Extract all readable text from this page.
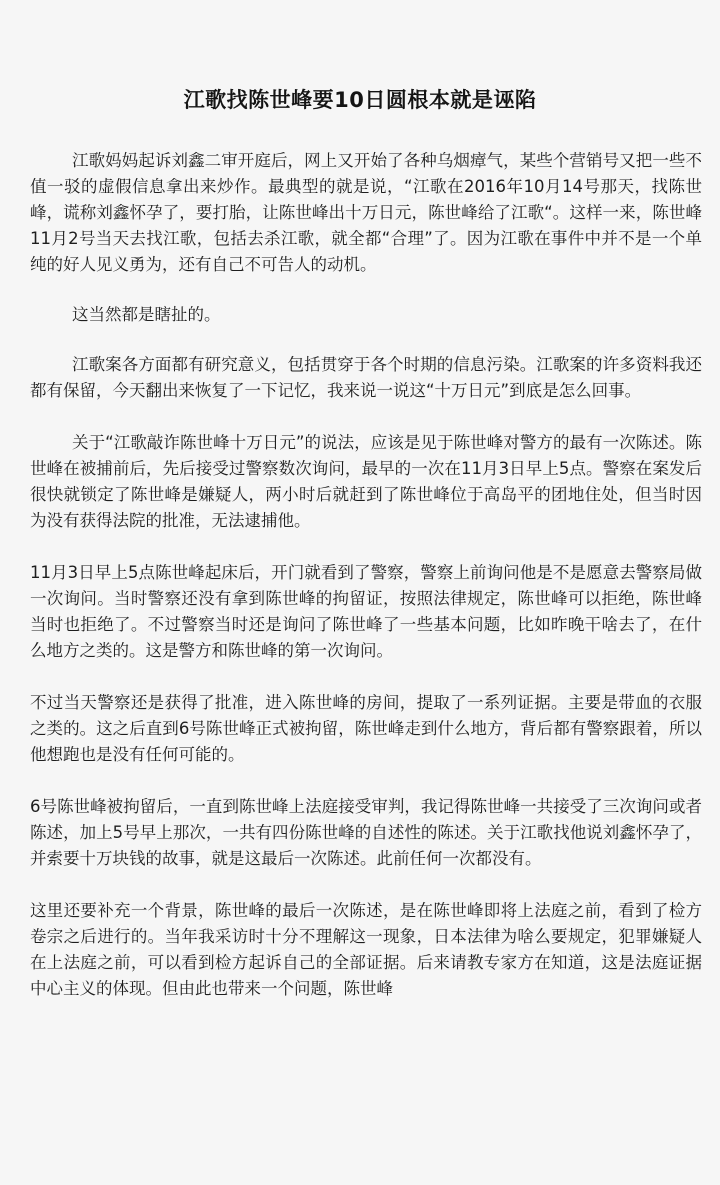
江歌找陈世峰要10日圆根本就是诬陷

江歌妈妈起诉刘鑫二审开庭后，网上又开始了各种乌烟瘴气，某些个营销号又把一些不值一驳的虚假信息拿出来炒作。最典型的就是说，“江歌在2016年10月14号那天，找陈世峰，谎称刘鑫怀孕了，要打胎，让陈世峰出十万日元，陈世峰给了江歌“。这样一来，陈世峰11月2号当天去找江歌，包括去杀江歌，就全都“合理”了。因为江歌在事件中并不是一个单纯的好人见义勇为，还有自己不可告人的动机。

这当然都是瞎扯的。

江歌案各方面都有研究意义，包括贯穿于各个时期的信息污染。江歌案的许多资料我还都有保留，今天翻出来恢复了一下记忆，我来说一说这“十万日元”到底是怎么回事。

关于“江歌敲诈陈世峰十万日元”的说法，应该是见于陈世峰对警方的最有一次陈述。陈世峰在被捕前后，先后接受过警察数次询问，最早的一次在11月3日早上5点。警察在案发后很快就锁定了陈世峰是嫌疑人，两小时后就赶到了陈世峰位于高岛平的团地住处，但当时因为没有获得法院的批准，无法逮捕他。

11月3日早上5点陈世峰起床后，开门就看到了警察，警察上前询问他是不是愿意去警察局做一次询问。当时警察还没有拿到陈世峰的拘留证，按照法律规定，陈世峰可以拒绝，陈世峰当时也拒绝了。不过警察当时还是询问了陈世峰了一些基本问题，比如昨晚干啥去了，在什么地方之类的。这是警方和陈世峰的第一次询问。

不过当天警察还是获得了批准，进入陈世峰的房间，提取了一系列证据。主要是带血的衣服之类的。这之后直到6号陈世峰正式被拘留，陈世峰走到什么地方，背后都有警察跟着，所以他想跑也是没有任何可能的。

6号陈世峰被拘留后，一直到陈世峰上法庭接受审判，我记得陈世峰一共接受了三次询问或者陈述，加上5号早上那次，一共有四份陈世峰的自述性的陈述。关于江歌找他说刘鑫怀孕了，并索要十万块钱的故事，就是这最后一次陈述。此前任何一次都没有。

这里还要补充一个背景，陈世峰的最后一次陈述，是在陈世峰即将上法庭之前，看到了检方卷宗之后进行的。当年我采访时十分不理解这一现象，日本法律为啥么要规定，犯罪嫌疑人在上法庭之前，可以看到检方起诉自己的全部证据。后来请教专家方在知道，这是法庭证据中心主义的体现。但由此也带来一个问题，陈世峰
